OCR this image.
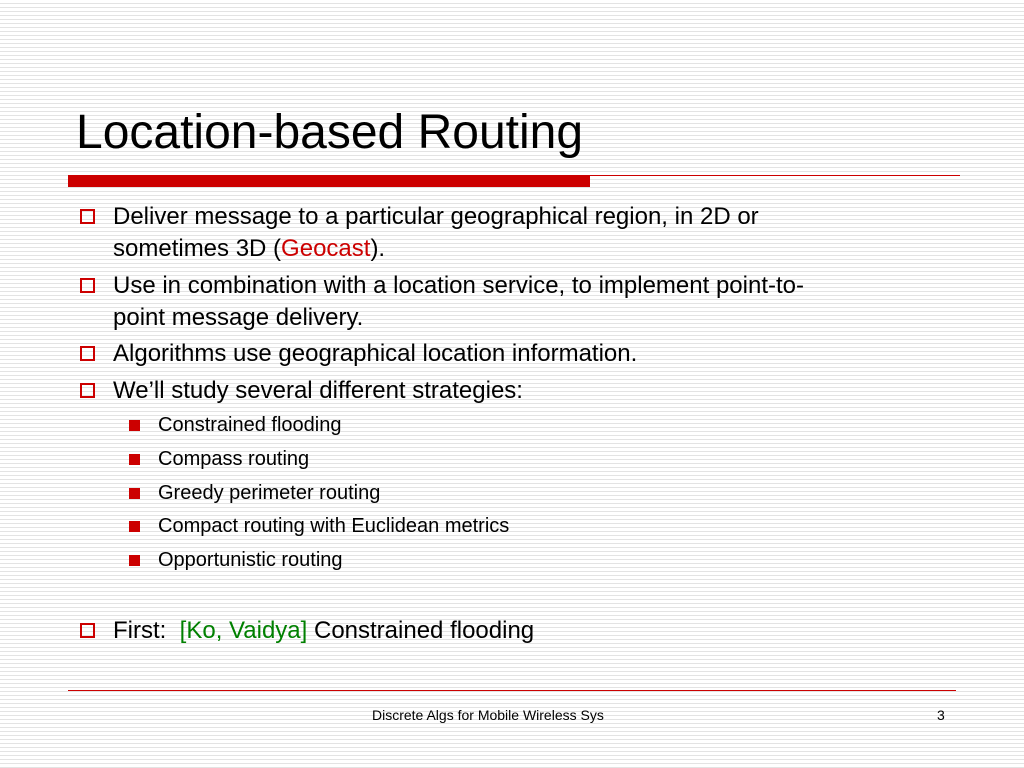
Location-based Routing
Deliver message to a particular geographical region, in 2D or
sometimes 3D (Geocast).
Use in combination with a location service, to implement point-to-
point message delivery.
Algorithms use geographical location information.
We’ll study several different strategies:
Constrained flooding
Compass routing
Greedy perimeter routing
Compact routing with Euclidean metrics
Opportunistic routing
First: [Ko, Vaidya] Constrained flooding
Discrete Algs for Mobile Wireless Sys	3
